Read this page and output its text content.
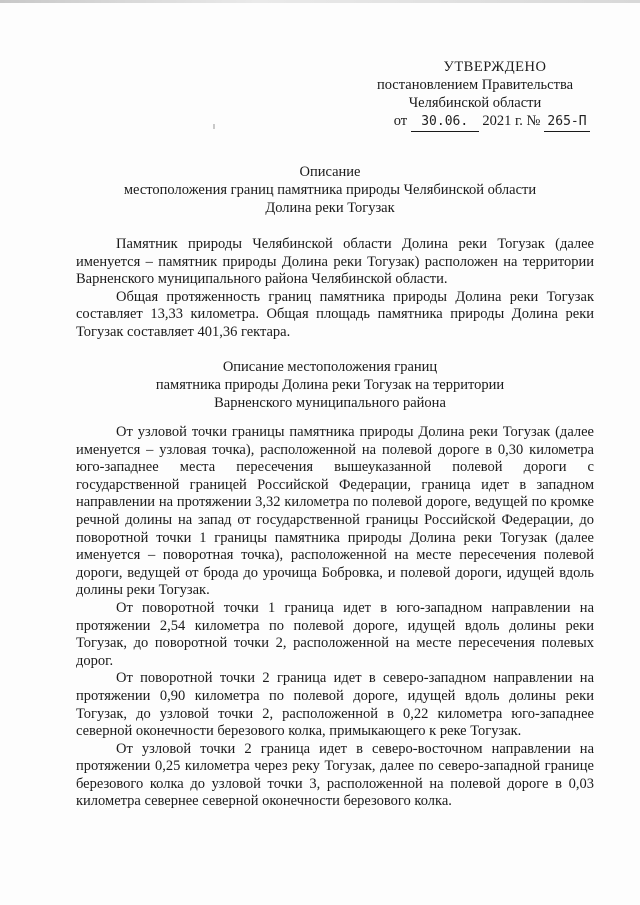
УТВЕРЖДЕНО
постановлением Правительства
Челябинской области
от 30.06. 2021 г. № 265-П
Описание
местоположения границ памятника природы Челябинской области
Долина реки Тогузак

Памятник природы Челябинской области Долина реки Тогузак (далее именуется – памятник природы Долина реки Тогузак) расположен на территории Варненского муниципального района Челябинской области.

Общая протяженность границ памятника природы Долина реки Тогузак составляет 13,33 километра. Общая площадь памятника природы Долина реки Тогузак составляет 401,36 гектара.

Описание местоположения границ
памятника природы Долина реки Тогузак на территории
Варненского муниципального района

От узловой точки границы памятника природы Долина реки Тогузак (далее именуется – узловая точка), расположенной на полевой дороге в 0,30 километра юго-западнее места пересечения вышеуказанной полевой дороги с государственной границей Российской Федерации, граница идет в западном направлении на протяжении 3,32 километра по полевой дороге, ведущей по кромке речной долины на запад от государственной границы Российской Федерации, до поворотной точки 1 границы памятника природы Долина реки Тогузак (далее именуется – поворотная точка), расположенной на месте пересечения полевой дороги, ведущей от брода до урочища Бобровка, и полевой дороги, идущей вдоль долины реки Тогузак.

От поворотной точки 1 граница идет в юго-западном направлении на протяжении 2,54 километра по полевой дороге, идущей вдоль долины реки Тогузак, до поворотной точки 2, расположенной на месте пересечения полевых дорог.

От поворотной точки 2 граница идет в северо-западном направлении на протяжении 0,90 километра по полевой дороге, идущей вдоль долины реки Тогузак, до узловой точки 2, расположенной в 0,22 километра юго-западнее северной оконечности березового колка, примыкающего к реке Тогузак.

От узловой точки 2 граница идет в северо-восточном направлении на протяжении 0,25 километра через реку Тогузак, далее по северо-западной границе березового колка до узловой точки 3, расположенной на полевой дороге в 0,03 километра севернее северной оконечности березового колка.
